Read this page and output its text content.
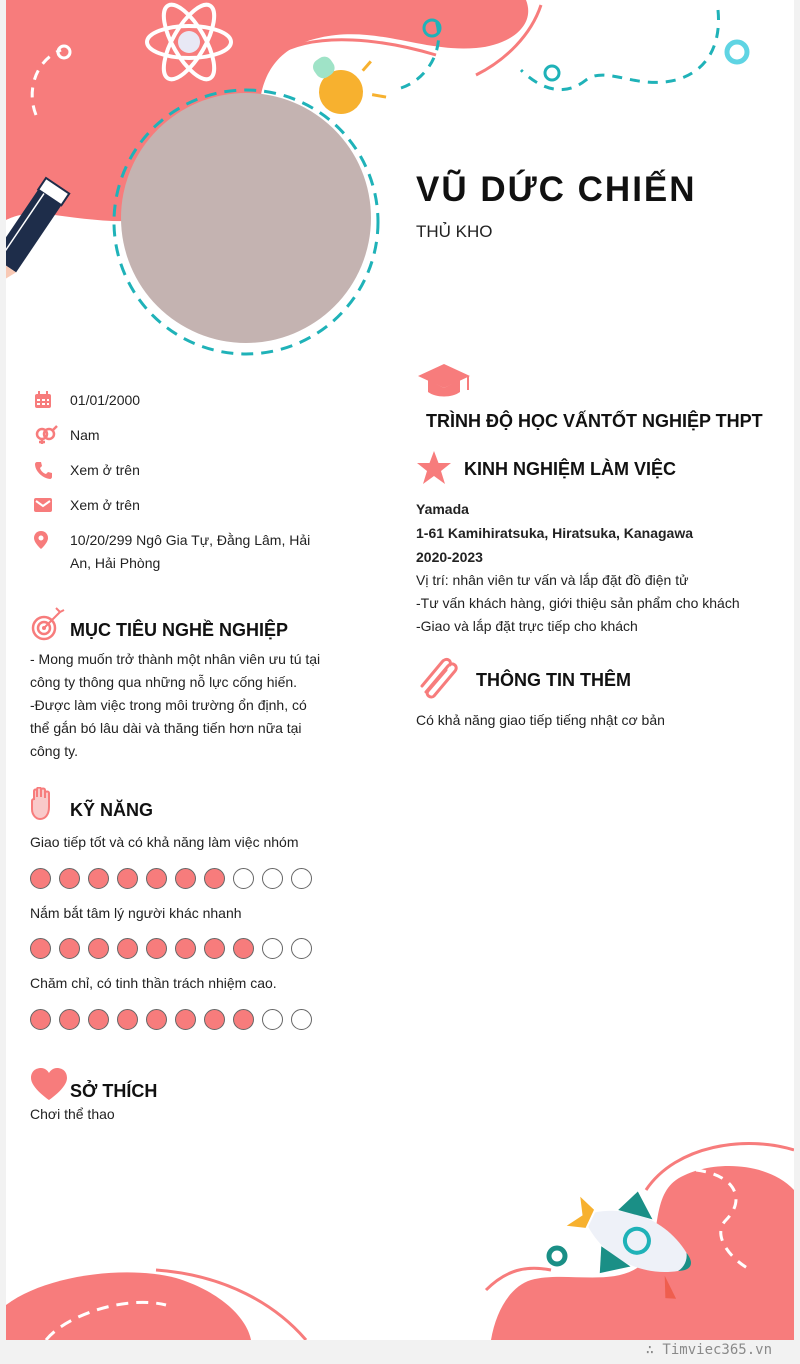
VŨ DỨC CHIẾN
THỦ KHO
01/01/2000
Nam
Xem ở trên
Xem ở trên
10/20/299 Ngô Gia Tự, Đằng Lâm, Hải
An, Hải Phòng
MỤC TIÊU NGHỀ NGHIỆP
- Mong muốn trở thành một nhân viên ưu tú tại
công ty thông qua những nỗ lực cống hiến.
-Được làm việc trong môi trường ổn định, có
thể gắn bó lâu dài và thăng tiến hơn nữa tại
công ty.
KỸ NĂNG
Giao tiếp tốt và có khả năng làm việc nhóm
Nắm bắt tâm lý người khác nhanh
Chăm chỉ, có tinh thần trách nhiệm cao.
SỞ THÍCH
Chơi thể thao
TRÌNH ĐỘ HỌC VẤNTỐT NGHIỆP THPT
KINH NGHIỆM LÀM VIỆC
Yamada
1-61 Kamihiratsuka, Hiratsuka, Kanagawa
2020-2023
Vị trí: nhân viên tư vấn và lắp đặt đồ điện tử
-Tư vấn khách hàng, giới thiệu sản phẩm cho khách
-Giao và lắp đặt trực tiếp cho khách
THÔNG TIN THÊM
Có khả năng giao tiếp tiếng nhật cơ bản
∴ Timviec365.vn
